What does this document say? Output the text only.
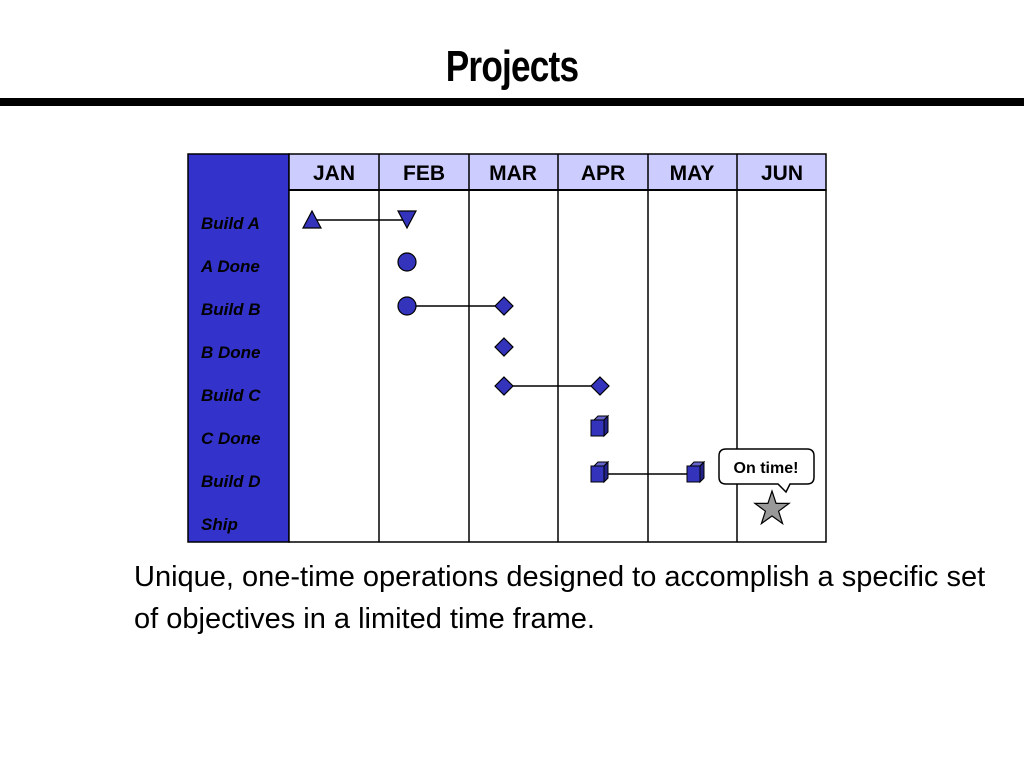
Projects
JAN FEB MAR APR MAY JUN
Build A
A Done
Build B
B Done
Build C
C Done
Build D
Ship
On time!
Unique, one-time operations designed to accomplish a specific set of objectives in a limited time frame.
